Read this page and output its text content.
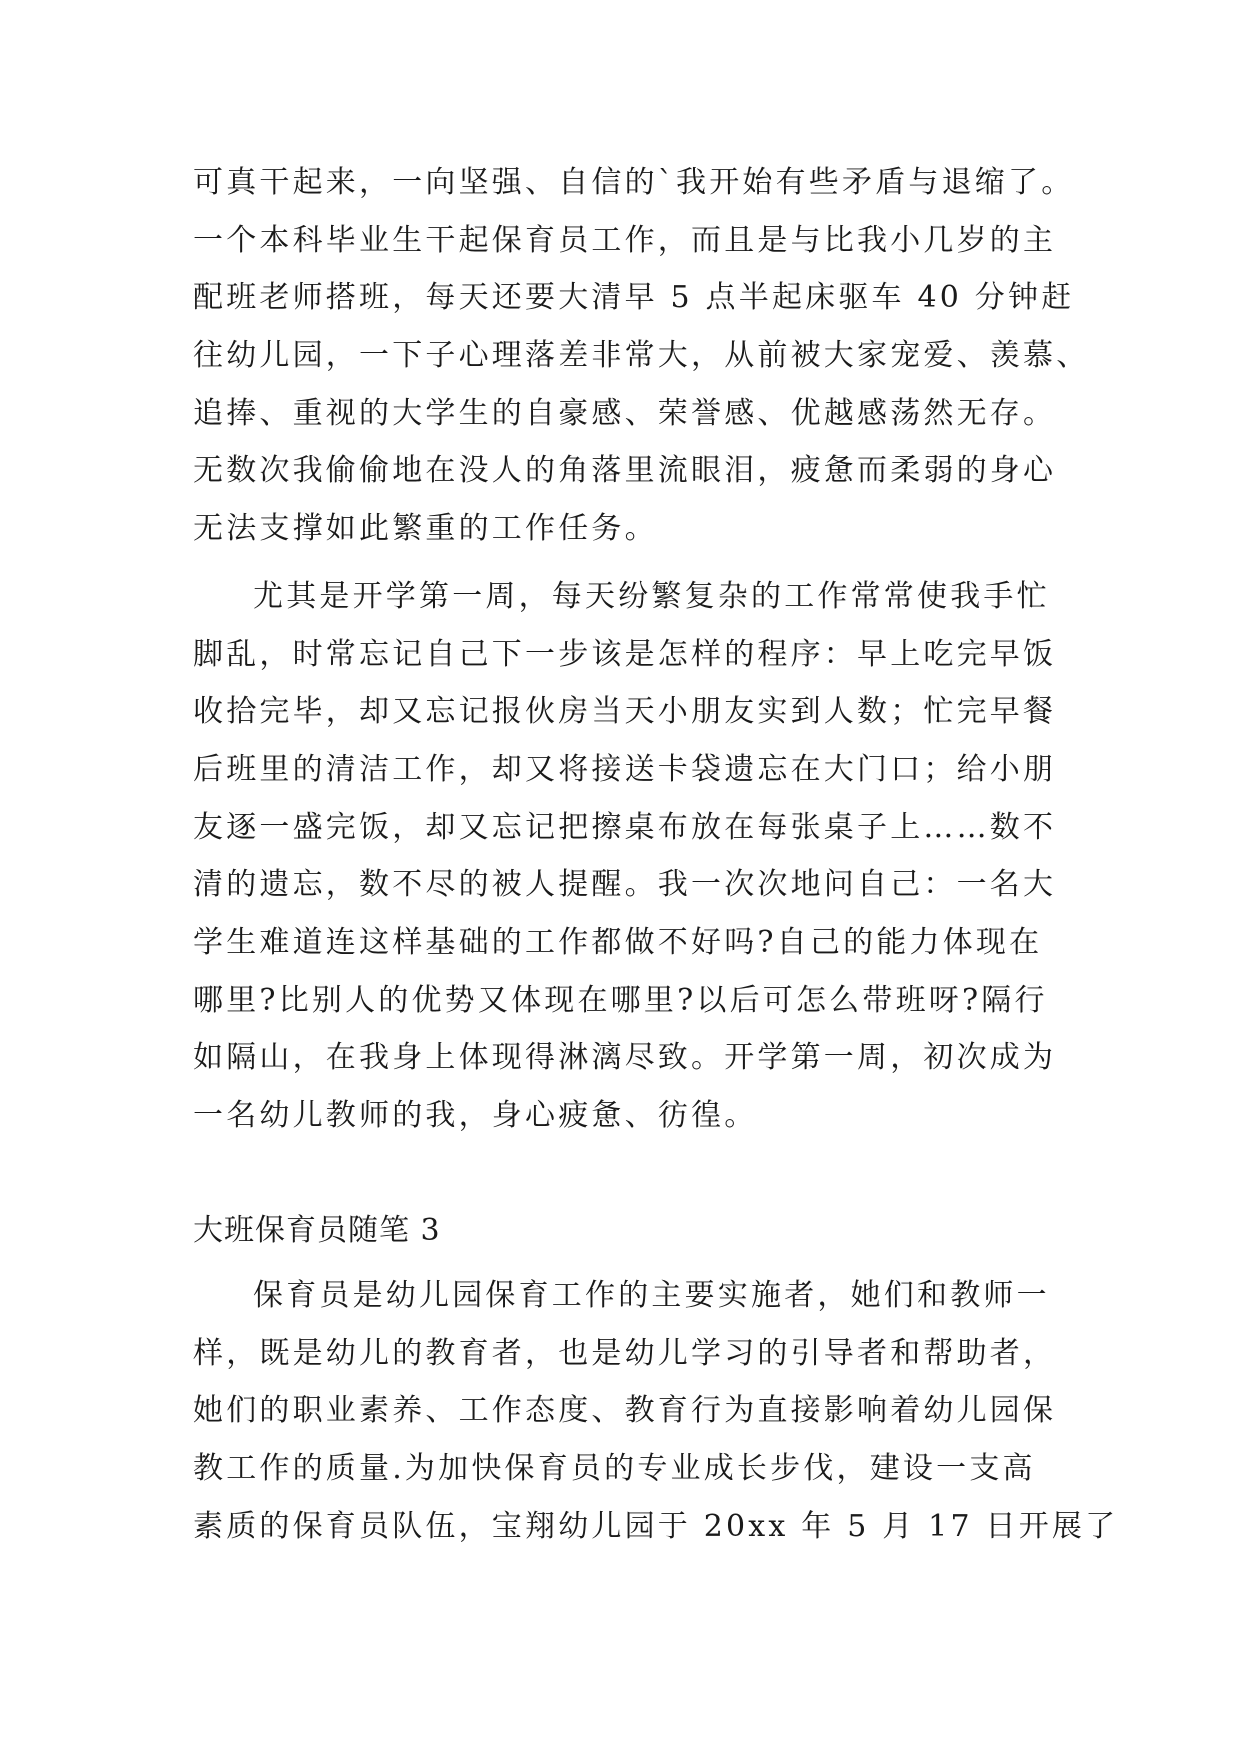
可真干起来，一向坚强、自信的`我开始有些矛盾与退缩了。
一个本科毕业生干起保育员工作，而且是与比我小几岁的主
配班老师搭班，每天还要大清早 5 点半起床驱车 40 分钟赶
往幼儿园，一下子心理落差非常大，从前被大家宠爱、羡慕、
追捧、重视的大学生的自豪感、荣誉感、优越感荡然无存。
无数次我偷偷地在没人的角落里流眼泪，疲惫而柔弱的身心
无法支撑如此繁重的工作任务。
尤其是开学第一周，每天纷繁复杂的工作常常使我手忙
脚乱，时常忘记自己下一步该是怎样的程序：早上吃完早饭
收拾完毕，却又忘记报伙房当天小朋友实到人数；忙完早餐
后班里的清洁工作，却又将接送卡袋遗忘在大门口；给小朋
友逐一盛完饭，却又忘记把擦桌布放在每张桌子上……数不
清的遗忘，数不尽的被人提醒。我一次次地问自己：一名大
学生难道连这样基础的工作都做不好吗?自己的能力体现在
哪里?比别人的优势又体现在哪里?以后可怎么带班呀?隔行
如隔山，在我身上体现得淋漓尽致。开学第一周，初次成为
一名幼儿教师的我，身心疲惫、彷徨。
大班保育员随笔 3
保育员是幼儿园保育工作的主要实施者，她们和教师一
样，既是幼儿的教育者，也是幼儿学习的引导者和帮助者，
她们的职业素养、工作态度、教育行为直接影响着幼儿园保
教工作的质量.为加快保育员的专业成长步伐，建设一支高
素质的保育员队伍，宝翔幼儿园于 20xx 年 5 月 17 日开展了
